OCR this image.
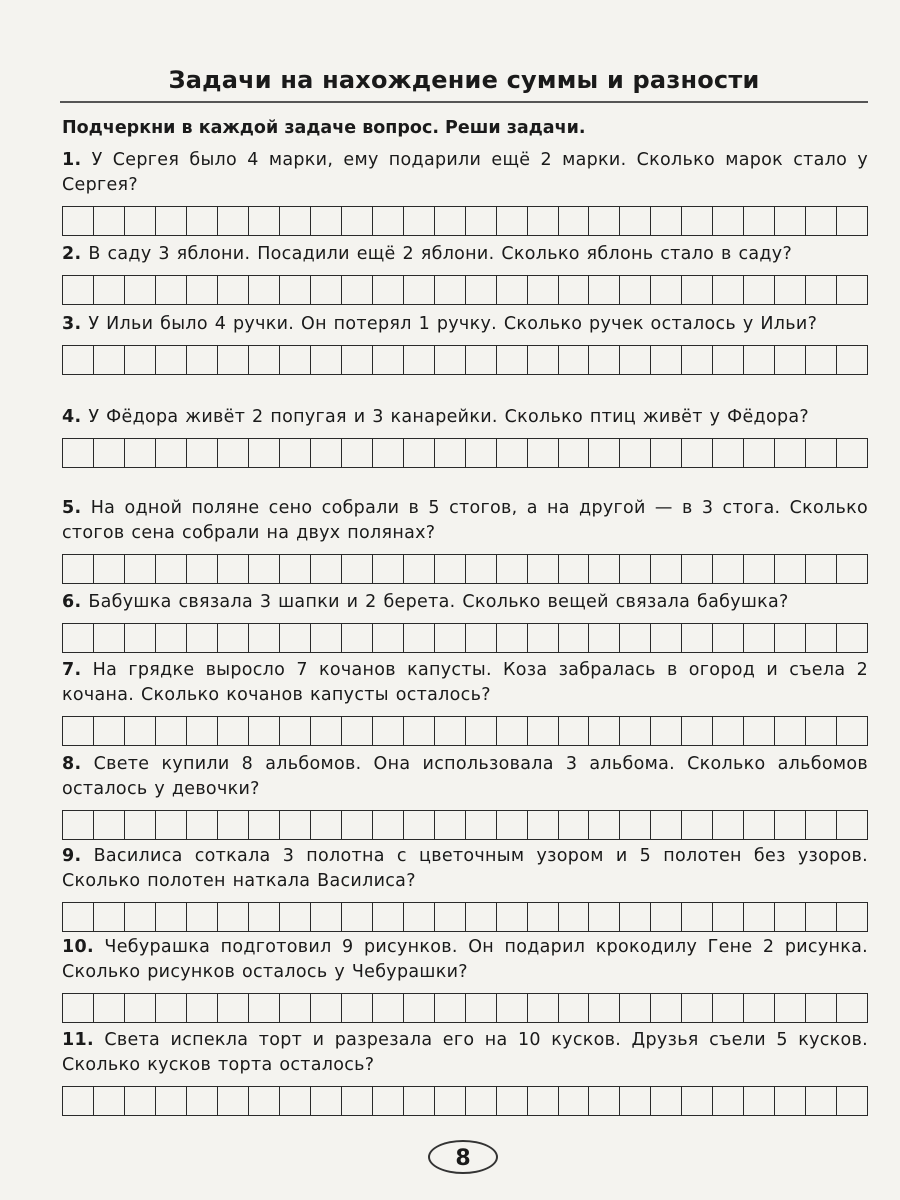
Задачи на нахождение суммы и разности
Подчеркни в каждой задаче вопрос. Реши задачи.
1. У Сергея было 4 марки, ему подарили ещё 2 марки. Сколько марок стало у Сергея?
2. В саду 3 яблони. Посадили ещё 2 яблони. Сколько яблонь стало в саду?
3. У Ильи было 4 ручки. Он потерял 1 ручку. Сколько ручек осталось у Ильи?
4. У Фёдора живёт 2 попугая и 3 канарейки. Сколько птиц живёт у Фёдора?
5. На одной поляне сено собрали в 5 стогов, а на другой — в 3 стога. Сколько стогов сена собрали на двух полянах?
6. Бабушка связала 3 шапки и 2 берета. Сколько вещей связала бабушка?
7. На грядке выросло 7 кочанов капусты. Коза забралась в огород и съела 2 кочана. Сколько кочанов капусты осталось?
8. Свете купили 8 альбомов. Она использовала 3 альбома. Сколько альбомов осталось у девочки?
9. Василиса соткала 3 полотна с цветочным узором и 5 полотен без узоров. Сколько полотен наткала Василиса?
10. Чебурашка подготовил 9 рисунков. Он подарил крокодилу Гене 2 рисунка. Сколько рисунков осталось у Чебурашки?
11. Света испекла торт и разрезала его на 10 кусков. Друзья съели 5 кусков. Сколько кусков торта осталось?
8
